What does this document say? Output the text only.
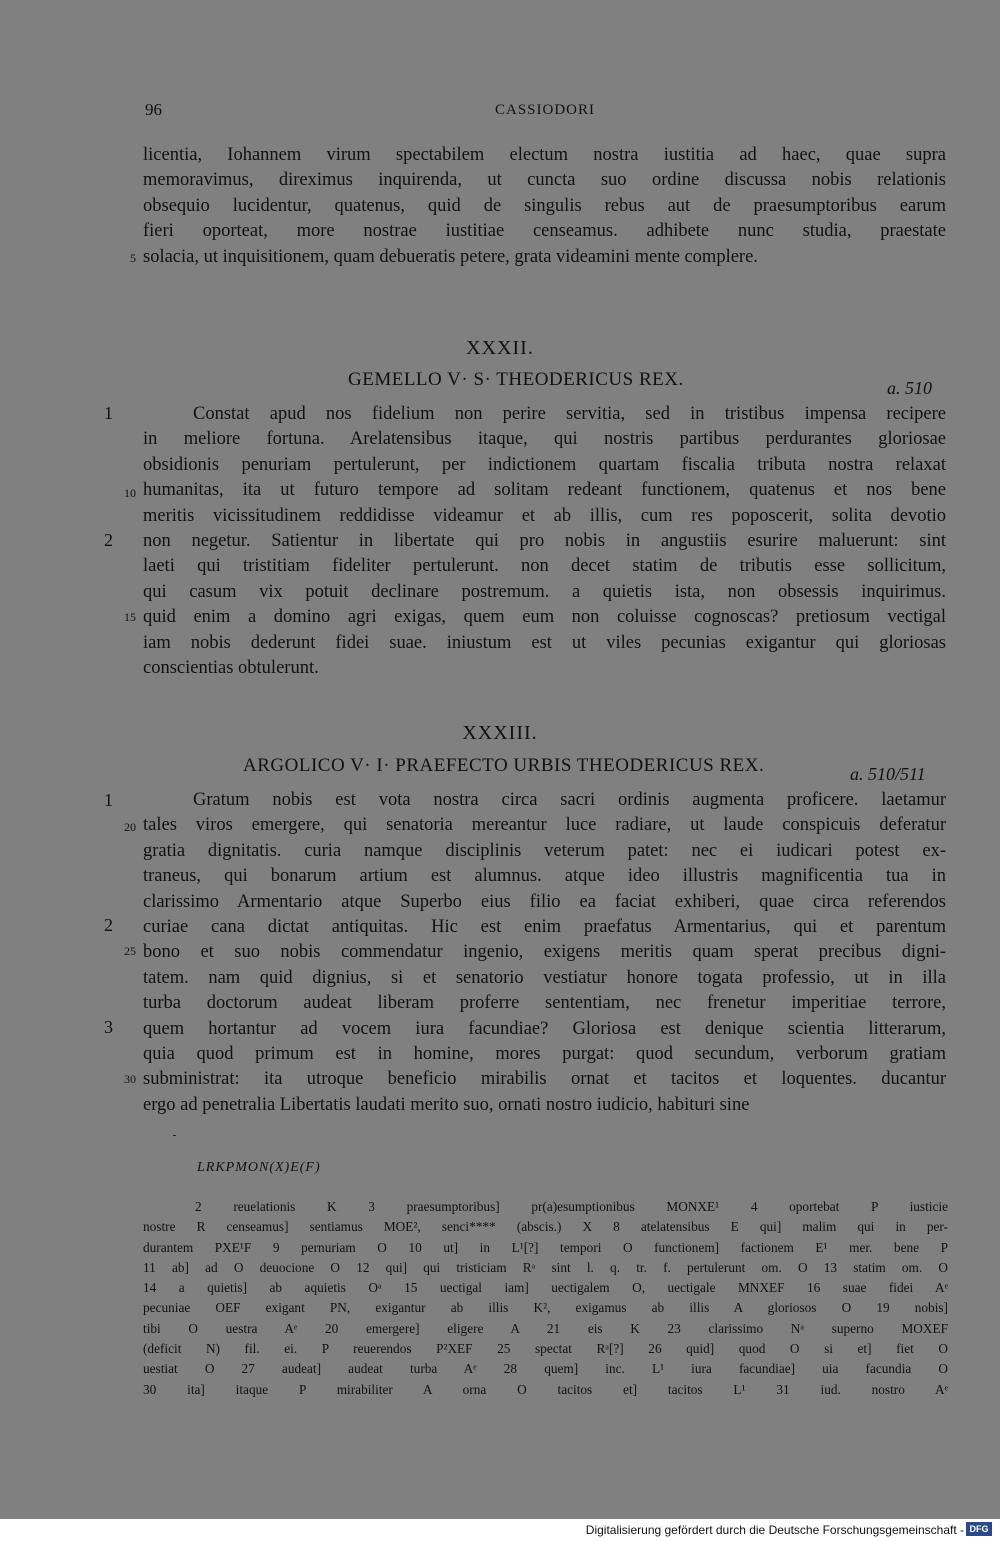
96	CASSIODORI
licentia, Iohannem virum spectabilem electum nostra iustitia ad haec, quae supra
memoravimus, direximus inquirenda, ut cuncta suo ordine discussa nobis relationis
obsequio lucidentur, quatenus, quid de singulis rebus aut de praesumptoribus earum
fieri oporteat, more nostrae iustitiae censeamus. adhibete nunc studia, praestate
solacia, ut inquisitionem, quam debueratis petere, grata videamini mente complere.
XXXII.
GEMELLO V· S· THEODERICUS REX.	a. 510
Constat apud nos fidelium non perire servitia, sed in tristibus impensa recipere
in meliore fortuna. Arelatensibus itaque, qui nostris partibus perdurantes gloriosae
obsidionis penuriam pertulerunt, per indictionem quartam fiscalia tributa nostra relaxat
humanitas, ita ut futuro tempore ad solitam redeant functionem, quatenus et nos bene
meritis vicissitudinem reddidisse videamur et ab illis, cum res poposcerit, solita devotio
non negetur. Satientur in libertate qui pro nobis in angustiis esurire maluerunt: sint
laeti qui tristitiam fideliter pertulerunt. non decet statim de tributis esse sollicitum,
qui casum vix potuit declinare postremum. a quietis ista, non obsessis inquirimus.
quid enim a domino agri exigas, quem eum non coluisse cognoscas? pretiosum vectigal
iam nobis dederunt fidei suae. iniustum est ut viles pecunias exigantur qui gloriosas
conscientias obtulerunt.
XXXIII.
ARGOLICO V· I· PRAEFECTO URBIS THEODERICUS REX.	a. 510/511
Gratum nobis est vota nostra circa sacri ordinis augmenta proficere. laetamur
tales viros emergere, qui senatoria mereantur luce radiare, ut laude conspicuis deferatur
gratia dignitatis. curia namque disciplinis veterum patet: nec ei iudicari potest ex-
traneus, qui bonarum artium est alumnus. atque ideo illustris magnificentia tua in
clarissimo Armentario atque Superbo eius filio ea faciat exhiberi, quae circa referendos
curiae cana dictat antiquitas. Hic est enim praefatus Armentarius, qui et parentum
bono et suo nobis commendatur ingenio, exigens meritis quam sperat precibus digni-
tatem. nam quid dignius, si et senatorio vestiatur honore togata professio, ut in illa
turba doctorum audeat liberam proferre sententiam, nec frenetur imperitiae terrore,
quem hortantur ad vocem iura facundiae? Gloriosa est denique scientia litterarum,
quia quod primum est in homine, mores purgat: quod secundum, verborum gratiam
subministrat: ita utroque beneficio mirabilis ornat et tacitos et loquentes. ducantur
ergo ad penetralia Libertatis laudati merito suo, ornati nostro iudicio, habituri sine
5
10
15
20
25
30
1
2
1
2
3
LRKPMON(X)E(F)
2 reuelationis K 3 praesumptoribus] pr(a)esumptionibus MONXE¹ 4 oportebat P iusticie
nostre R censeamus] sentiamus MOE², senci**** (abscis.) X 8 atelatensibus E qui] malim qui in per-
durantem PXE¹F 9 pernuriam O 10 ut] in L¹[?] tempori O functionem] factionem E¹ mer. bene P
11 ab] ad O deuocione O 12 qui] qui tristiciam Rᵃ sint l. q. tr. f. pertulerunt om. O 13 statim om. O
14 a quietis] ab aquietis Oᵃ 15 uectigal iam] uectigalem O, uectigale MNXEF 16 suae fidei Aᵉ
pecuniae OEF exigant PN, exigantur ab illis K², exigamus ab illis A gloriosos O 19 nobis]
tibi O uestra Aᵉ 20 emergere] eligere A 21 eis K 23 clarissimo Nᵃ superno MOXEF
(deficit N) fil. ei. P reuerendos P²XEF 25 spectat Rᵃ[?] 26 quid] quod O si et] fiet O
uestiat O 27 audeat] audeat turba Aᵉ 28 quem] inc. L¹ iura facundiae] uia facundia O
30 ita] itaque P mirabiliter A orna O tacitos et] tacitos L¹ 31 iud. nostro Aᵉ
Digitalisierung gefördert durch die Deutsche Forschungsgemeinschaft - DFG
